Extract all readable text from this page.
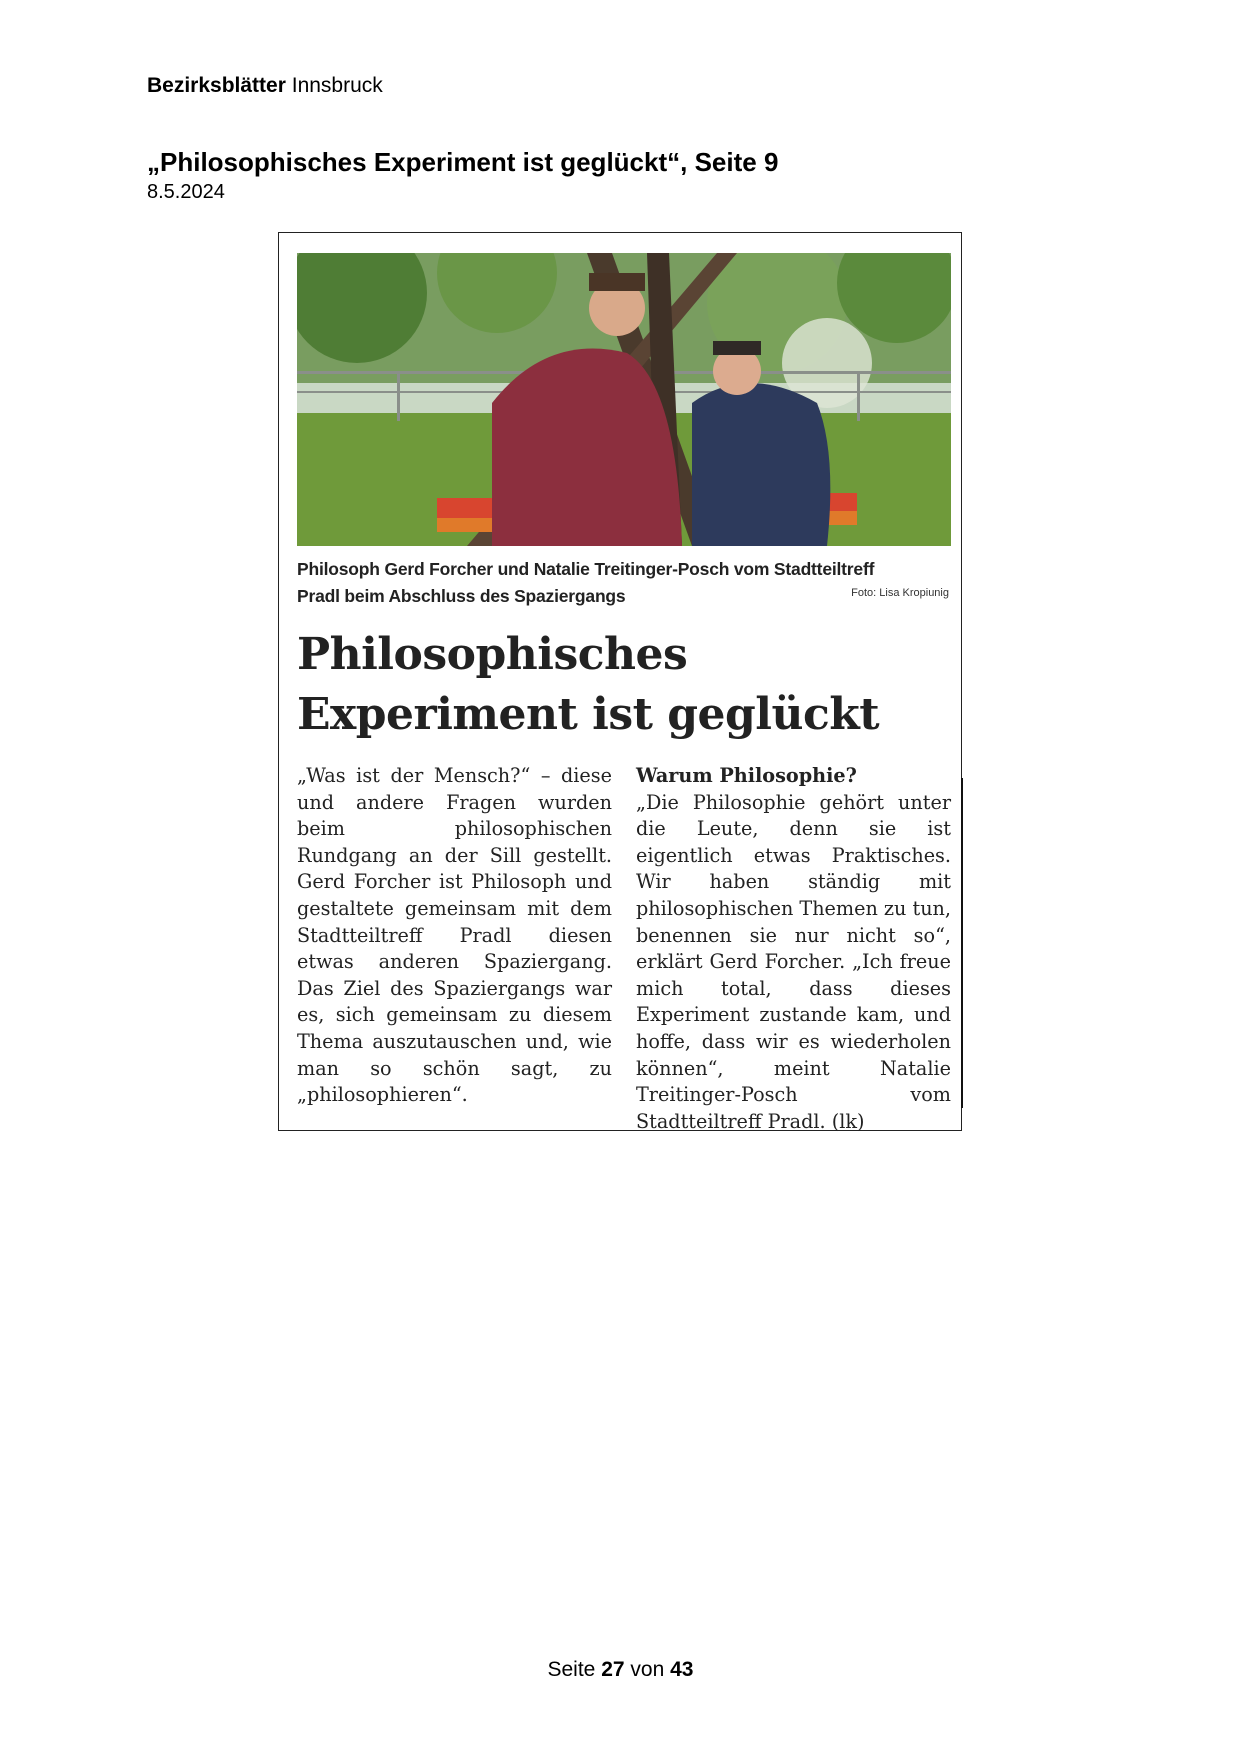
Bezirksblätter Innsbruck
„Philosophisches Experiment ist geglückt“, Seite 9
8.5.2024
Philosoph Gerd Forcher und Natalie Treitinger-Posch vom Stadtteiltreff
Pradl beim Abschluss des Spaziergangs	Foto: Lisa Kropiunig
Philosophisches
Experiment ist geglückt

„Was ist der Mensch?“ – diese und andere Fragen wurden beim philosophischen Rundgang an der Sill gestellt. Gerd Forcher ist Philosoph und gestaltete gemeinsam mit dem Stadtteiltreff Pradl diesen etwas anderen Spaziergang. Das Ziel des Spaziergangs war es, sich gemeinsam zu diesem Thema auszutauschen und, wie man so schön sagt, zu „philosophieren“.

Warum Philosophie?

„Die Philosophie gehört unter die Leute, denn sie ist eigentlich etwas Praktisches. Wir haben ständig mit philosophischen Themen zu tun, benennen sie nur nicht so“, erklärt Gerd Forcher. „Ich freue mich total, dass dieses Experiment zustande kam, und hoffe, dass wir es wiederholen können“, meint Natalie Treitinger-Posch vom Stadtteiltreff Pradl. (lk)

Seite 27 von 43
